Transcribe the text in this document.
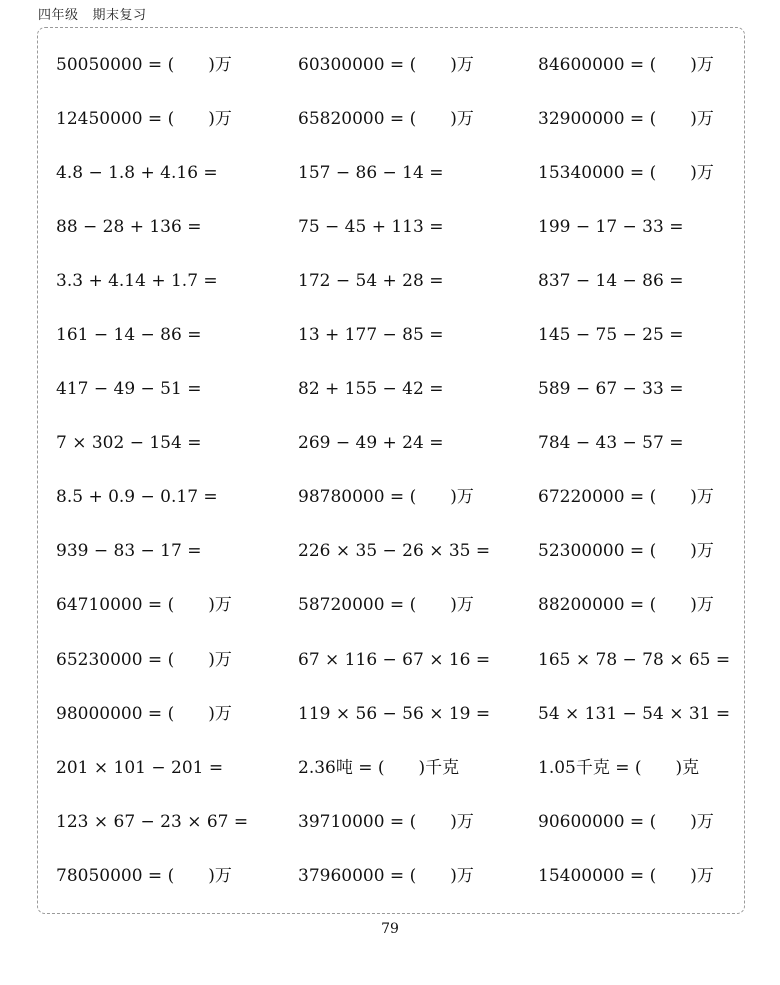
四年级 期末复习
50050000 = (　　)万	60300000 = (　　)万	84600000 = (　　)万
12450000 = (　　)万	65820000 = (　　)万	32900000 = (　　)万
4.8 − 1.8 + 4.16 =	157 − 86 − 14 =	15340000 = (　　)万
88 − 28 + 136 =	75 − 45 + 113 =	199 − 17 − 33 =
3.3 + 4.14 + 1.7 =	172 − 54 + 28 =	837 − 14 − 86 =
161 − 14 − 86 =	13 + 177 − 85 =	145 − 75 − 25 =
417 − 49 − 51 =	82 + 155 − 42 =	589 − 67 − 33 =
7 × 302 − 154 =	269 − 49 + 24 =	784 − 43 − 57 =
8.5 + 0.9 − 0.17 =	98780000 = (　　)万	67220000 = (　　)万
939 − 83 − 17 =	226 × 35 − 26 × 35 =	52300000 = (　　)万
64710000 = (　　)万	58720000 = (　　)万	88200000 = (　　)万
65230000 = (　　)万	67 × 116 − 67 × 16 =	165 × 78 − 78 × 65 =
98000000 = (　　)万	119 × 56 − 56 × 19 =	54 × 131 − 54 × 31 =
201 × 101 − 201 =	2.36吨 = (　　)千克	1.05千克 = (　　)克
123 × 67 − 23 × 67 =	39710000 = (　　)万	90600000 = (　　)万
78050000 = (　　)万	37960000 = (　　)万	15400000 = (　　)万
79
